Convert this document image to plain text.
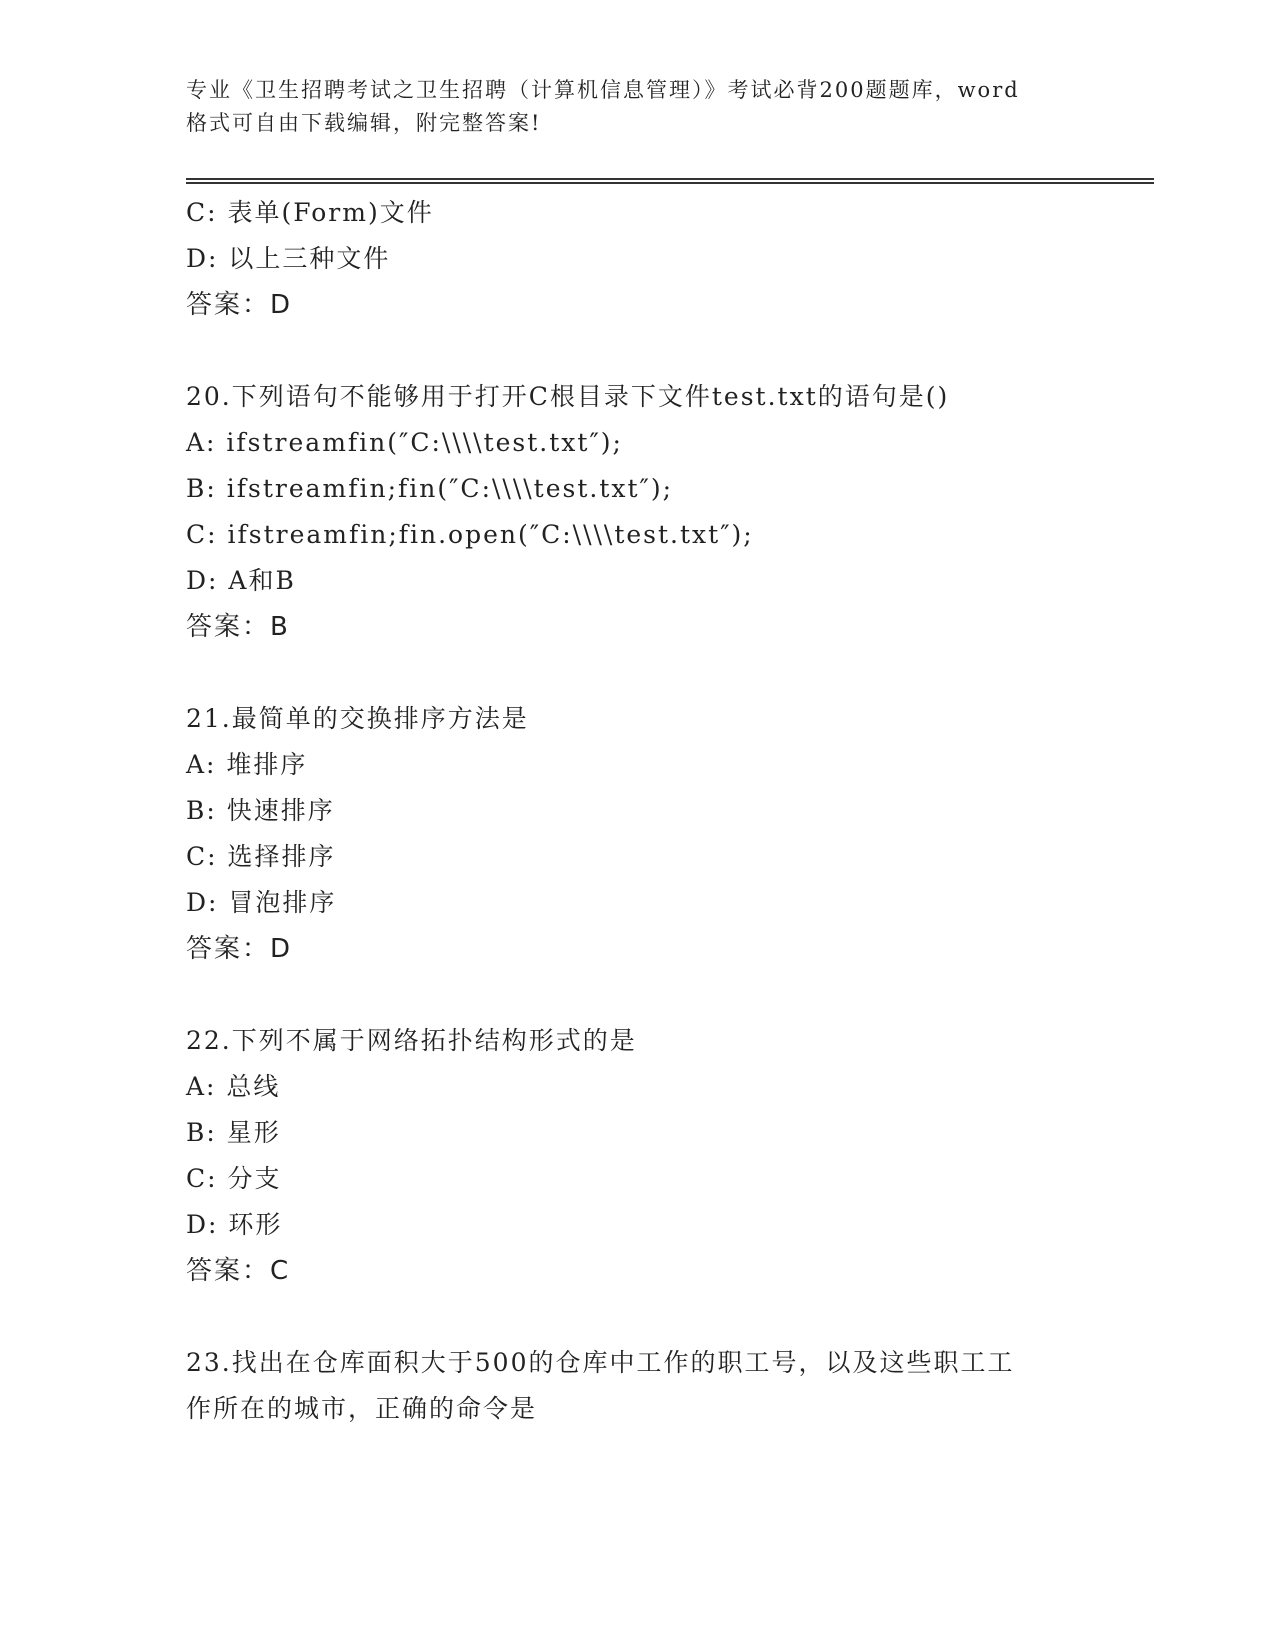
专业《卫生招聘考试之卫生招聘（计算机信息管理）》考试必背200题题库，word
格式可自由下载编辑，附完整答案!
C: 表单(Form)文件
D: 以上三种文件
答案：D
20.下列语句不能够用于打开C根目录下文件test.txt的语句是()
A: ifstreamfin(″C:\\\\test.txt″);
B: ifstreamfin;fin(″C:\\\\test.txt″);
C: ifstreamfin;fin.open(″C:\\\\test.txt″);
D: A和B
答案：B
21.最简单的交换排序方法是
A: 堆排序
B: 快速排序
C: 选择排序
D: 冒泡排序
答案：D
22.下列不属于网络拓扑结构形式的是
A: 总线
B: 星形
C: 分支
D: 环形
答案：C
23.找出在仓库面积大于500的仓库中工作的职工号，以及这些职工工
作所在的城市，正确的命令是
